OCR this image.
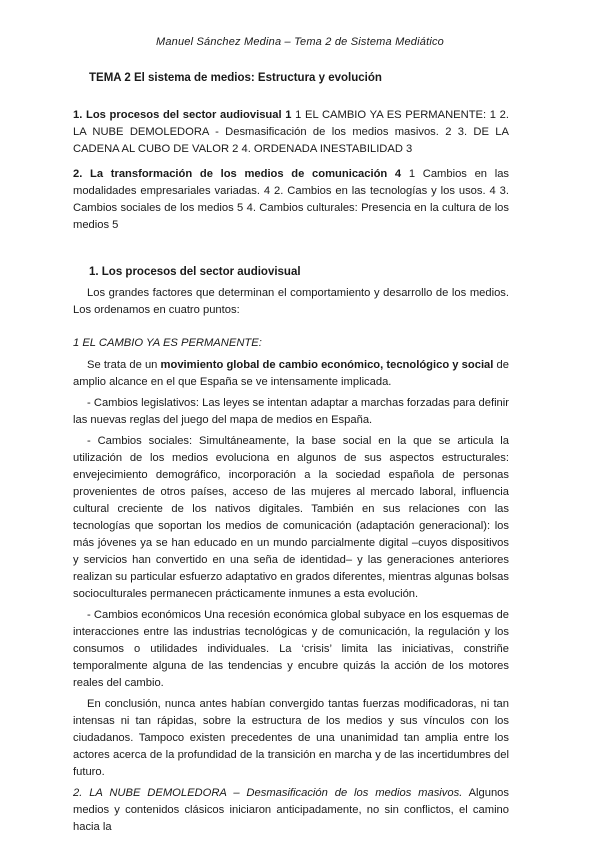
Manuel Sánchez Medina – Tema 2 de Sistema Mediático
TEMA 2 El sistema de medios: Estructura y evolución
1. Los procesos del sector audiovisual 1 1 EL CAMBIO YA ES PERMANENTE: 1 2. LA NUBE DEMOLEDORA - Desmasificación de los medios masivos. 2 3. DE LA CADENA AL CUBO DE VALOR 2 4. ORDENADA INESTABILIDAD 3
2. La transformación de los medios de comunicación 4 1 Cambios en las modalidades empresariales variadas. 4 2. Cambios en las tecnologías y los usos. 4 3. Cambios sociales de los medios 5 4. Cambios culturales: Presencia en la cultura de los medios 5
1. Los procesos del sector audiovisual

Los grandes factores que determinan el comportamiento y desarrollo de los medios. Los ordenamos en cuatro puntos:

1 EL CAMBIO YA ES PERMANENTE:

Se trata de un movimiento global de cambio económico, tecnológico y social de amplio alcance en el que España se ve intensamente implicada.

- Cambios legislativos: Las leyes se intentan adaptar a marchas forzadas para definir las nuevas reglas del juego del mapa de medios en España.

- Cambios sociales: Simultáneamente, la base social en la que se articula la utilización de los medios evoluciona en algunos de sus aspectos estructurales: envejecimiento demográfico, incorporación a la sociedad española de personas provenientes de otros países, acceso de las mujeres al mercado laboral, influencia cultural creciente de los nativos digitales. También en sus relaciones con las tecnologías que soportan los medios de comunicación (adaptación generacional): los más jóvenes ya se han educado en un mundo parcialmente digital –cuyos dispositivos y servicios han convertido en una seña de identidad– y las generaciones anteriores realizan su particular esfuerzo adaptativo en grados diferentes, mientras algunas bolsas socioculturales permanecen prácticamente inmunes a esta evolución.

- Cambios económicos Una recesión económica global subyace en los esquemas de interacciones entre las industrias tecnológicas y de comunicación, la regulación y los consumos o utilidades individuales. La ‘crisis’ limita las iniciativas, constriñe temporalmente alguna de las tendencias y encubre quizás la acción de los motores reales del cambio.

En conclusión, nunca antes habían convergido tantas fuerzas modificadoras, ni tan intensas ni tan rápidas, sobre la estructura de los medios y sus vínculos con los ciudadanos. Tampoco existen precedentes de una unanimidad tan amplia entre los actores acerca de la profundidad de la transición en marcha y de las incertidumbres del futuro.

2. LA NUBE DEMOLEDORA – Desmasificación de los medios masivos. Algunos medios y contenidos clásicos iniciaron anticipadamente, no sin conflictos, el camino hacia la
